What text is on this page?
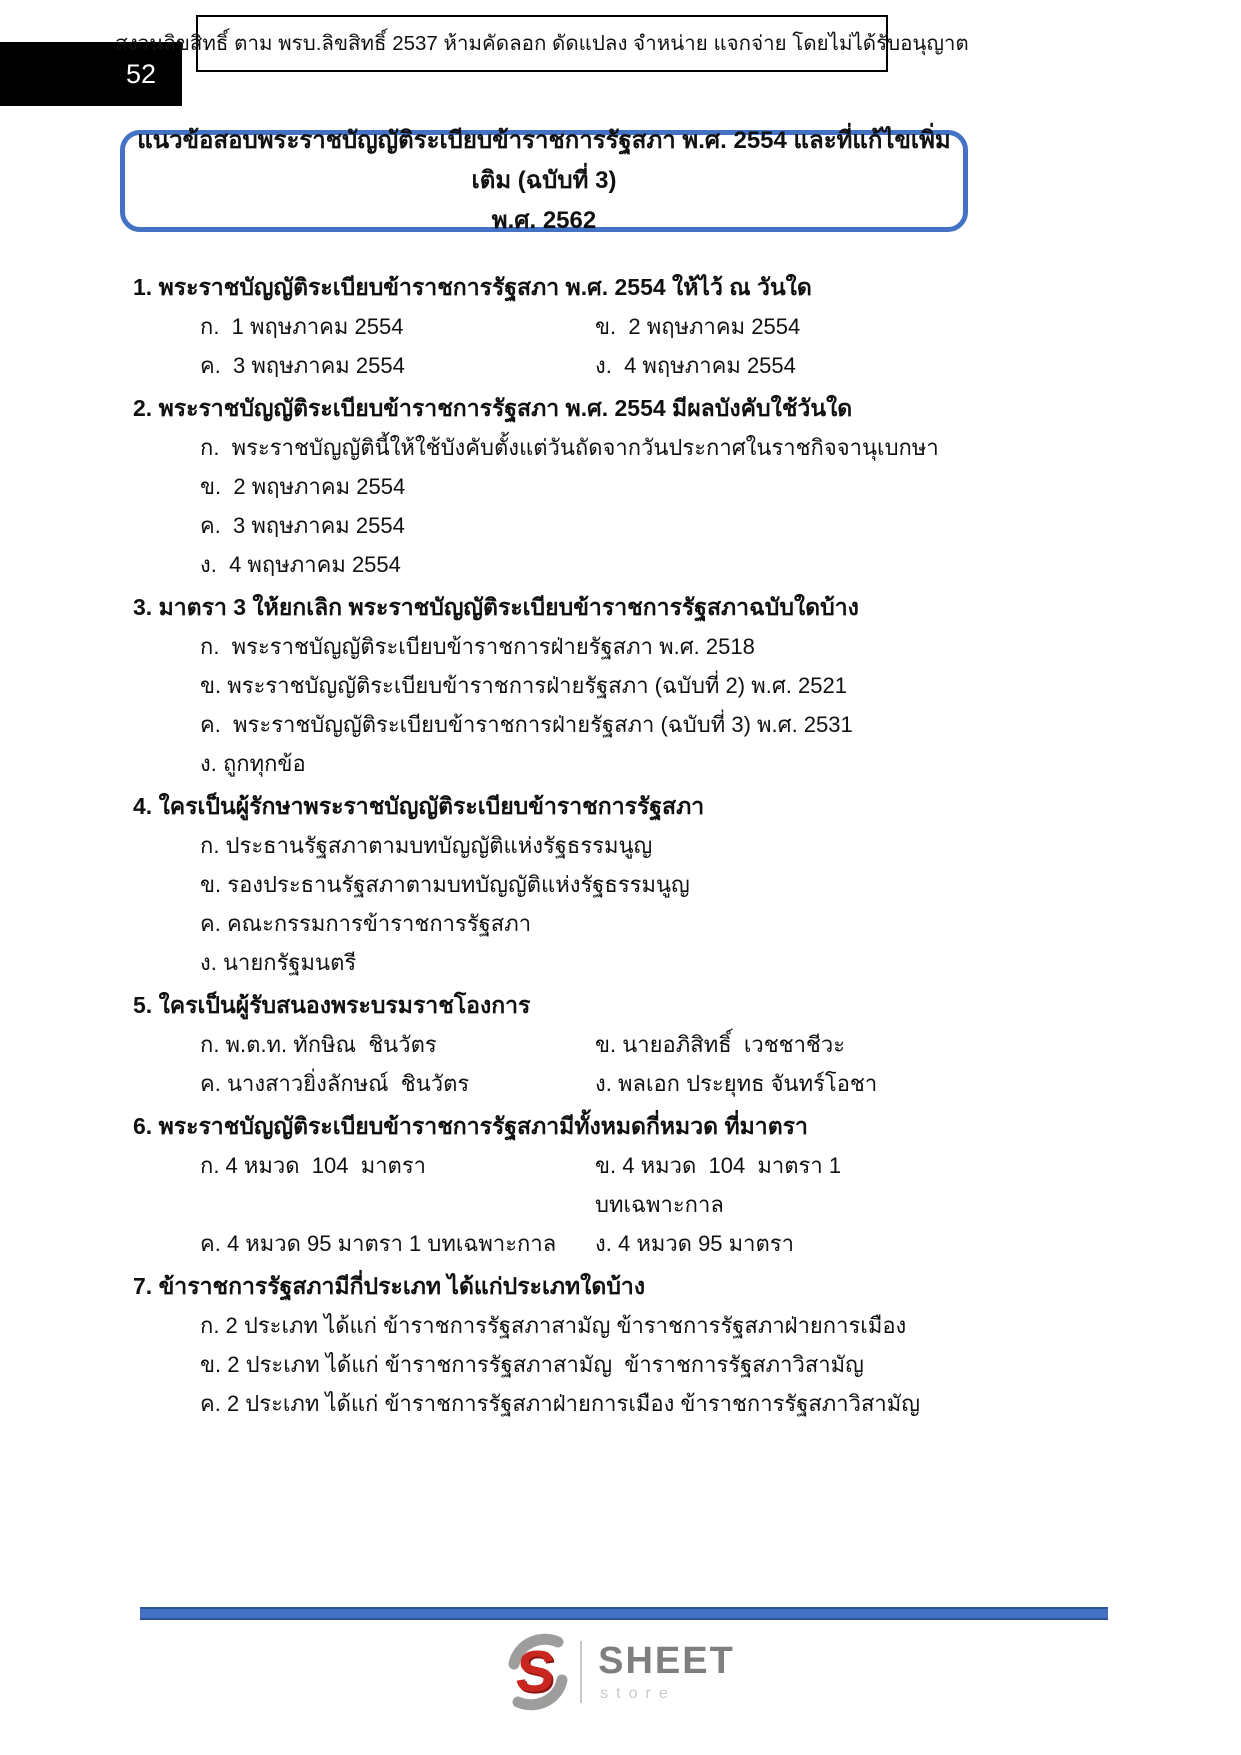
52
สงวนลิขสิทธิ์ ตาม พรบ.ลิขสิทธิ์ 2537 ห้ามคัดลอก ดัดแปลง จำหน่าย แจกจ่าย โดยไม่ได้รับอนุญาต
แนวข้อสอบพระราชบัญญัติระเบียบข้าราชการรัฐสภา พ.ศ. 2554 และที่แก้ไขเพิ่มเติม (ฉบับที่ 3)
พ.ศ. 2562
1. พระราชบัญญัติระเบียบข้าราชการรัฐสภา พ.ศ. 2554 ให้ไว้ ณ วันใด
ก.  1 พฤษภาคม 2554	ข.  2 พฤษภาคม 2554
ค.  3 พฤษภาคม 2554	ง.  4 พฤษภาคม 2554
2. พระราชบัญญัติระเบียบข้าราชการรัฐสภา พ.ศ. 2554 มีผลบังคับใช้วันใด
ก.  พระราชบัญญัตินี้ให้ใช้บังคับตั้งแต่วันถัดจากวันประกาศในราชกิจจานุเบกษา
ข.  2 พฤษภาคม 2554
ค.  3 พฤษภาคม 2554
ง.  4 พฤษภาคม 2554
3. มาตรา 3 ให้ยกเลิก พระราชบัญญัติระเบียบข้าราชการรัฐสภาฉบับใดบ้าง
ก.  พระราชบัญญัติระเบียบข้าราชการฝ่ายรัฐสภา พ.ศ. 2518
ข. พระราชบัญญัติระเบียบข้าราชการฝ่ายรัฐสภา (ฉบับที่ 2) พ.ศ. 2521
ค.  พระราชบัญญัติระเบียบข้าราชการฝ่ายรัฐสภา (ฉบับที่ 3) พ.ศ. 2531
ง. ถูกทุกข้อ
4. ใครเป็นผู้รักษาพระราชบัญญัติระเบียบข้าราชการรัฐสภา
ก. ประธานรัฐสภาตามบทบัญญัติแห่งรัฐธรรมนูญ
ข. รองประธานรัฐสภาตามบทบัญญัติแห่งรัฐธรรมนูญ
ค. คณะกรรมการข้าราชการรัฐสภา
ง. นายกรัฐมนตรี
5. ใครเป็นผู้รับสนองพระบรมราชโองการ
ก. พ.ต.ท. ทักษิณ  ชินวัตร	ข. นายอภิสิทธิ์  เวชชาชีวะ
ค. นางสาวยิ่งลักษณ์  ชินวัตร	ง. พลเอก ประยุทธ จันทร์โอชา
6. พระราชบัญญัติระเบียบข้าราชการรัฐสภามีทั้งหมดกี่หมวด ที่มาตรา
ก. 4 หมวด  104  มาตรา	ข. 4 หมวด  104  มาตรา 1 บทเฉพาะกาล
ค. 4 หมวด 95 มาตรา 1 บทเฉพาะกาล	ง. 4 หมวด 95 มาตรา
7. ข้าราชการรัฐสภามีกี่ประเภท ได้แก่ประเภทใดบ้าง
ก. 2 ประเภท ได้แก่ ข้าราชการรัฐสภาสามัญ ข้าราชการรัฐสภาฝ่ายการเมือง
ข. 2 ประเภท ได้แก่ ข้าราชการรัฐสภาสามัญ  ข้าราชการรัฐสภาวิสามัญ
ค. 2 ประเภท ได้แก่ ข้าราชการรัฐสภาฝ่ายการเมือง ข้าราชการรัฐสภาวิสามัญ
S SHEET
store
